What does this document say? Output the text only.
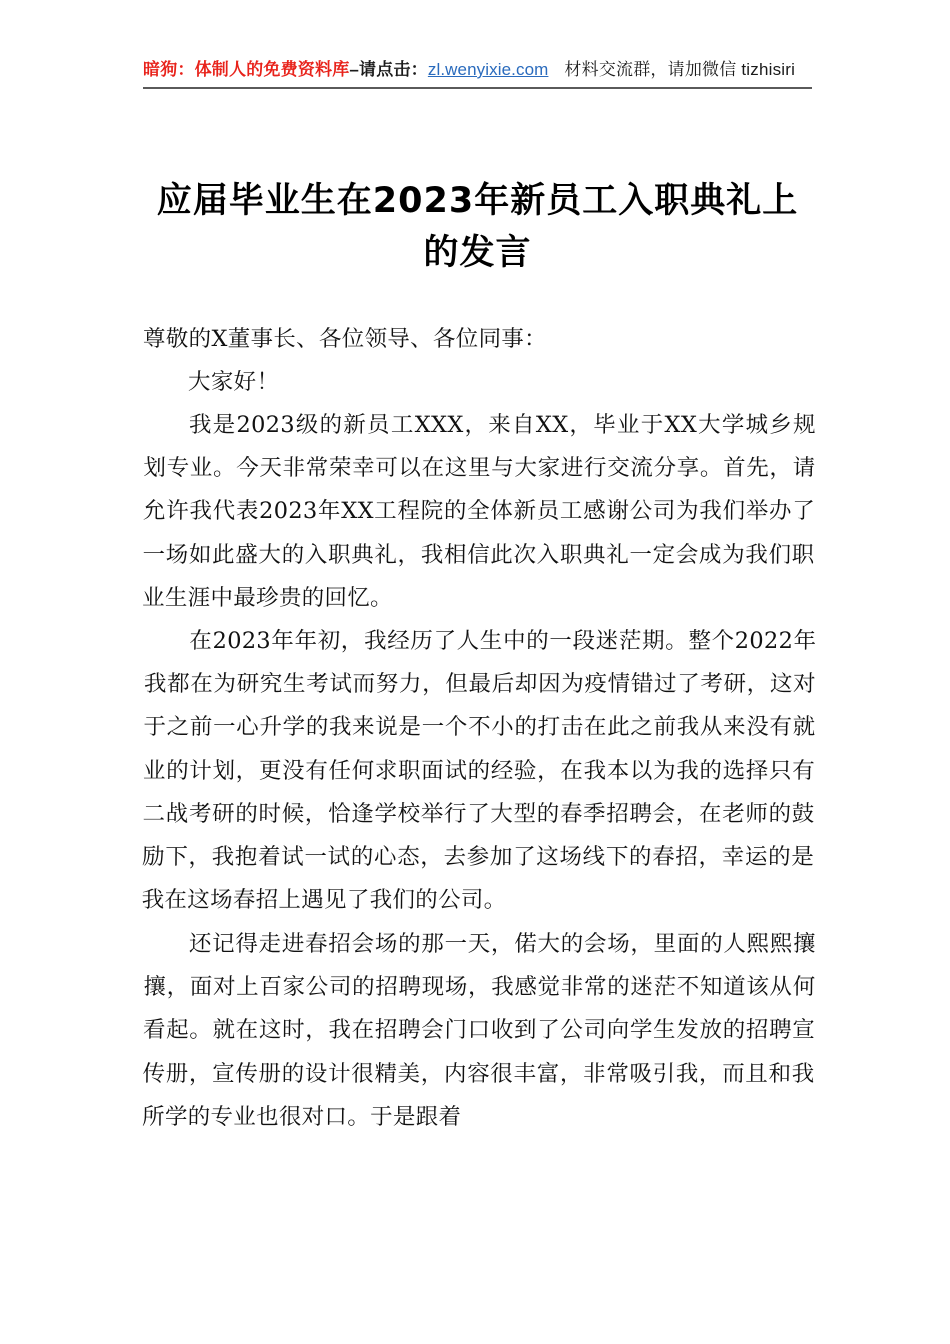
暗狗：体制人的免费资料库–请点击：zl.wenyixie.com 材料交流群，请加微信 tizhisiri
应届毕业生在2023年新员工入职典礼上的发言

尊敬的X董事长、各位领导、各位同事：

大家好！

我是2023级的新员工XXX，来自XX，毕业于XX大学城乡规划专业。今天非常荣幸可以在这里与大家进行交流分享。首先，请允许我代表2023年XX工程院的全体新员工感谢公司为我们举办了一场如此盛大的入职典礼，我相信此次入职典礼一定会成为我们职业生涯中最珍贵的回忆。

在2023年年初，我经历了人生中的一段迷茫期。整个2022年我都在为研究生考试而努力，但最后却因为疫情错过了考研，这对于之前一心升学的我来说是一个不小的打击在此之前我从来没有就业的计划，更没有任何求职面试的经验，在我本以为我的选择只有二战考研的时候，恰逢学校举行了大型的春季招聘会，在老师的鼓励下，我抱着试一试的心态，去参加了这场线下的春招，幸运的是我在这场春招上遇见了我们的公司。

还记得走进春招会场的那一天，偌大的会场，里面的人熙熙攘攘，面对上百家公司的招聘现场，我感觉非常的迷茫不知道该从何看起。就在这时，我在招聘会门口收到了公司向学生发放的招聘宣传册，宣传册的设计很精美，内容很丰富，非常吸引我，而且和我所学的专业也很对口。于是跟着
